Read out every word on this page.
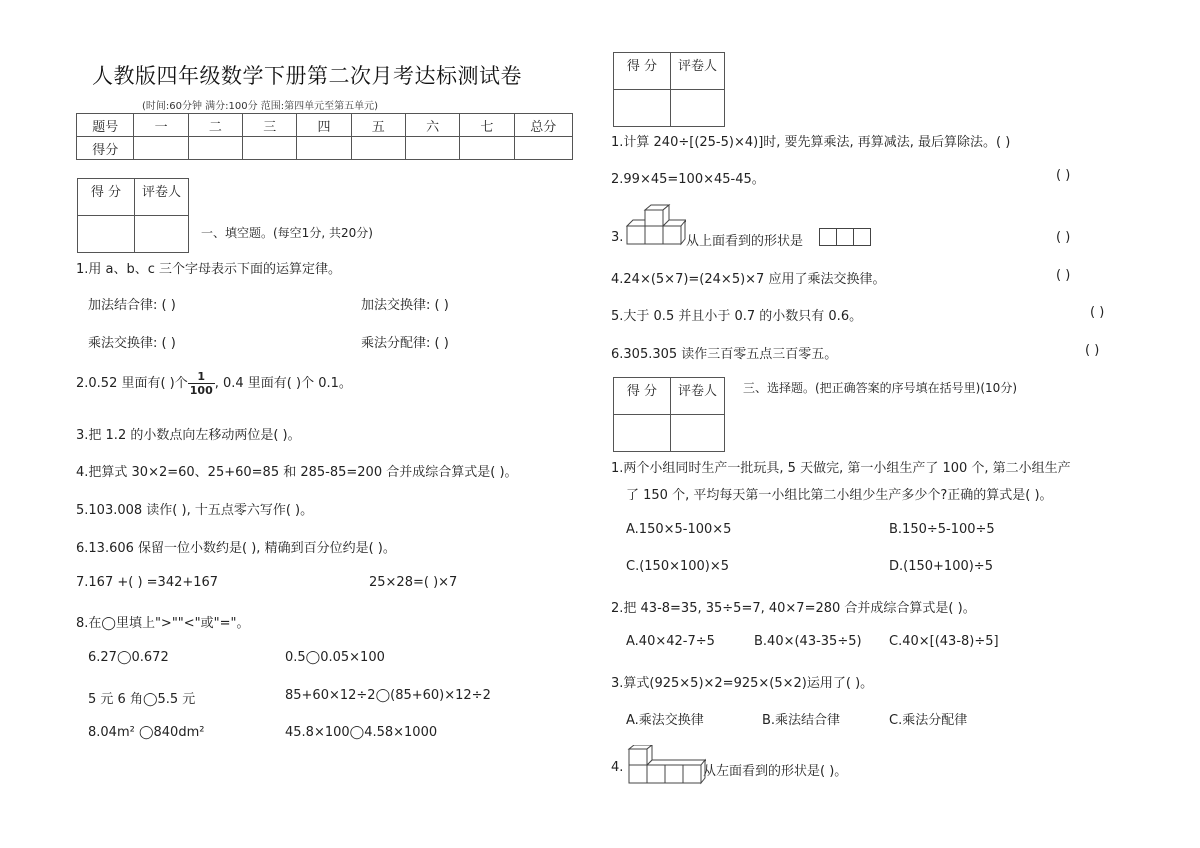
人教版四年级数学下册第二次月考达标测试卷
(时间:60分钟 满分:100分 范围:第四单元至第五单元)
题号	一	二	三	四	五	六	七	总分
得分								
得 分	评卷人

一、填空题。(每空1分, 共20分)
1.用 a、b、c 三个字母表示下面的运算定律。
加法结合律: ( )	加法交换律: ( )
乘法交换律: ( )	乘法分配律: ( )
2.0.52 里面有( )个 $\frac{1}{100}$ , 0.4 里面有( )个 0.1。
3.把 1.2 的小数点向左移动两位是( )。
4.把算式 30×2=60、25+60=85 和 285-85=200 合并成综合算式是( )。
5.103.008 读作( ), 十五点零六写作( )。
6.13.606 保留一位小数约是( ), 精确到百分位约是( )。
7.167 +( ) =342+167	25×28=( )×7
8.在◯里填上">""<"或"="。
6.27◯0.672	0.5◯0.05×100
5 元 6 角◯5.5 元	85+60×12÷2◯(85+60)×12÷2
8.04m² ◯840dm²	45.8×100◯4.58×1000
得 分	评卷人

1.计算 240÷[(25-5)×4)]时, 要先算乘法, 再算减法, 最后算除法。( )
2.99×45=100×45-45。	( )
3.	从上面看到的形状是	( )
4.24×(5×7)=(24×5)×7 应用了乘法交换律。	( )
5.大于 0.5 并且小于 0.7 的小数只有 0.6。	( )
6.305.305 读作三百零五点三百零五。	( )
得 分	评卷人
	三、选择题。(把正确答案的序号填在括号里)(10分)
1.两个小组同时生产一批玩具, 5 天做完, 第一小组生产了 100 个, 第二小组生产
了 150 个, 平均每天第一小组比第二小组少生产多少个?正确的算式是( )。
A.150×5-100×5	B.150÷5-100÷5
C.(150×100)×5	D.(150+100)÷5
2.把 43-8=35, 35÷5=7, 40×7=280 合并成综合算式是( )。
A.40×42-7÷5	B.40×(43-35÷5) C.40×[(43-8)÷5]
3.算式(925×5)×2=925×(5×2)运用了( )。
A.乘法交换律	B.乘法结合律	C.乘法分配律
4.	从左面看到的形状是( )。
